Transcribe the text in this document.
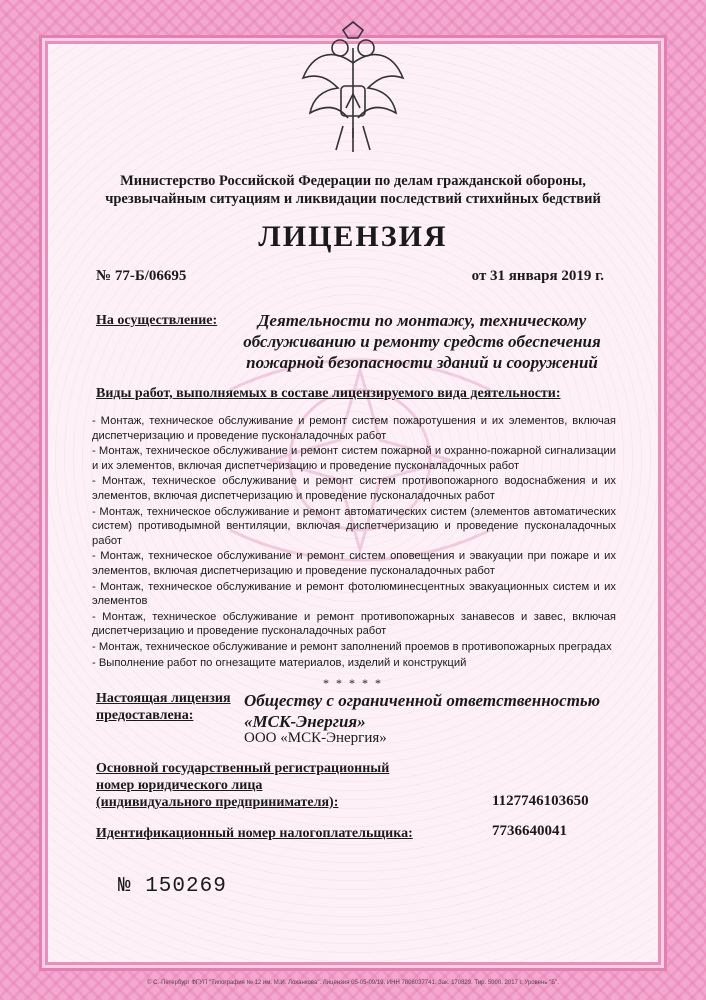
Министерство Российской Федерации по делам гражданской обороны,
чрезвычайным ситуациям и ликвидации последствий стихийных бедствий
ЛИЦЕНЗИЯ
№ 77-Б/06695	от 31 января 2019 г.
На осуществление:	Деятельности по монтажу, техническому
обслуживанию и ремонту средств обеспечения
пожарной безопасности зданий и сооружений
Виды работ, выполняемых в составе лицензируемого вида деятельности:

- Монтаж, техническое обслуживание и ремонт систем пожаротушения и их элементов, включая диспетчеризацию и проведение пусконаладочных работ

- Монтаж, техническое обслуживание и ремонт систем пожарной и охранно-пожарной сигнализации и их элементов, включая диспетчеризацию и проведение пусконаладочных работ

- Монтаж, техническое обслуживание и ремонт систем противопожарного водоснабжения и их элементов, включая диспетчеризацию и проведение пусконаладочных работ

- Монтаж, техническое обслуживание и ремонт автоматических систем (элементов автоматических систем) противодымной вентиляции, включая диспетчеризацию и проведение пусконаладочных работ

- Монтаж, техническое обслуживание и ремонт систем оповещения и эвакуации при пожаре и их элементов, включая диспетчеризацию и проведение пусконаладочных работ

- Монтаж, техническое обслуживание и ремонт фотолюминесцентных эвакуационных систем и их элементов

- Монтаж, техническое обслуживание и ремонт противопожарных занавесов и завес, включая диспетчеризацию и проведение пусконаладочных работ

- Монтаж, техническое обслуживание и ремонт заполнений проемов в противопожарных преградах

- Выполнение работ по огнезащите материалов, изделий и конструкций

* * * * *
Настоящая лицензия
предоставлена:
Обществу с ограниченной ответственностью
«МСК-Энергия»
ООО «МСК-Энергия»
Основной государственный регистрационный
номер юридического лица
(индивидуального предпринимателя):	1127746103650
Идентификационный номер налогоплательщика:	7736640041
№ 150269
© С.-Петербург ФГУП "Типография № 12 им. М.И. Лоханкова". Лицензия 05-05-09/19. ИНН 7808037741. Зак. 170829. Тир. 5000. 2017 г. Уровень "Б".
